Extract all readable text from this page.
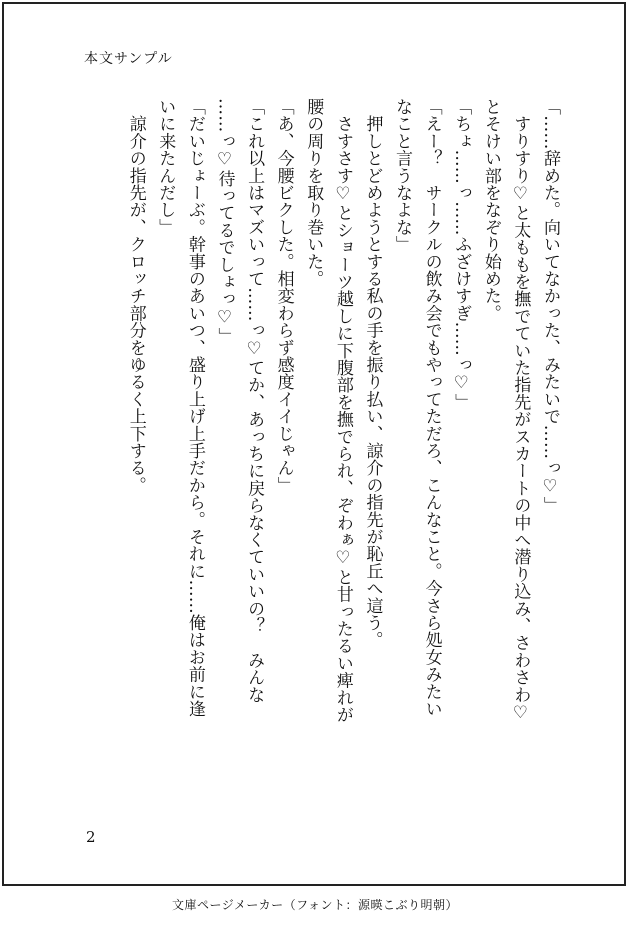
本文サンプル

「……辞めた。向いてなかった、みたいで……っ♡」

　すりすり♡と太ももを撫でていた指先がスカートの中へ潜り込み、さわさわ♡

とそけい部をなぞり始めた。

「ちょ……っ……ふざけすぎ……っ♡」

「えー？　サークルの飲み会でもやってただろ、こんなこと。今さら処女みたい

なこと言うなよな」

　押しとどめようとする私の手を振り払い、諒介の指先が恥丘へ這う。

　さすさす♡とショーツ越しに下腹部を撫でられ、ぞわぁ♡と甘ったるい痺れが

腰の周りを取り巻いた。

「あ、今腰ビクした。相変わらず感度イイじゃん」

「これ以上はマズいって……っ♡てか、あっちに戻らなくていいの？　みんな

……っ♡待ってるでしょっ♡」

「だいじょーぶ。幹事のあいつ、盛り上げ上手だから。それに……俺はお前に逢

いに来たんだし」

　諒介の指先が、クロッチ部分をゆるく上下する。

2
文庫ページメーカー（フォント：源暎こぶり明朝）
